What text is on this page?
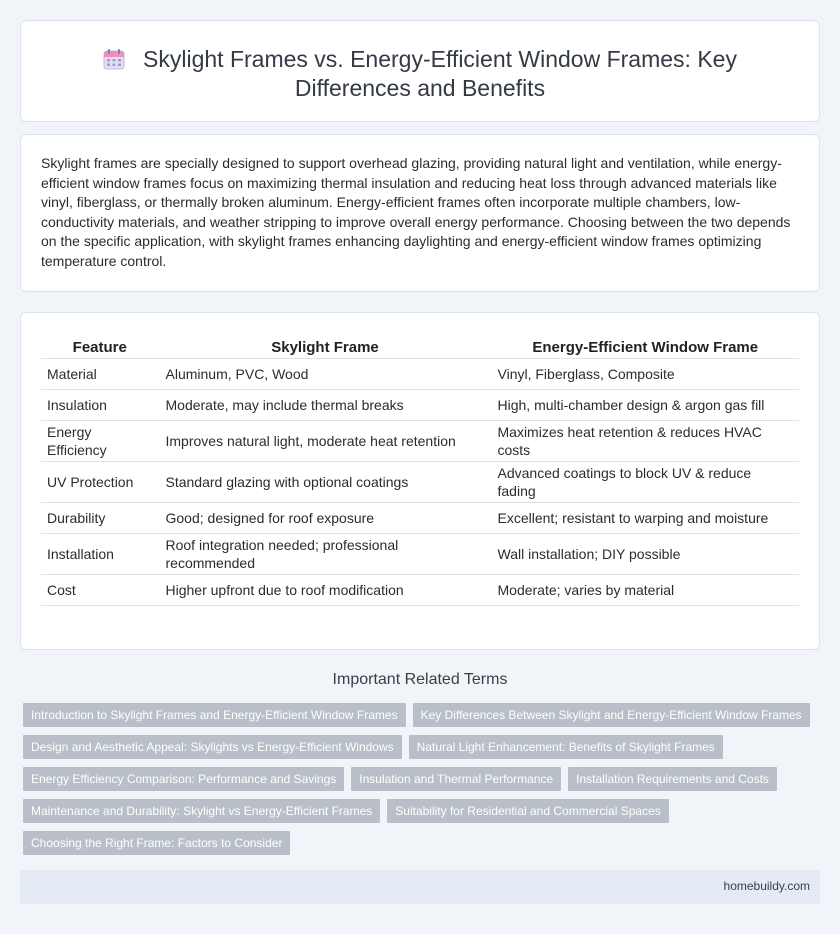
Skylight Frames vs. Energy-Efficient Window Frames: Key
Differences and Benefits

Skylight frames are specially designed to support overhead glazing, providing natural light and ventilation, while energy-efficient window frames focus on maximizing thermal insulation and reducing heat loss through advanced materials like vinyl, fiberglass, or thermally broken aluminum. Energy-efficient frames often incorporate multiple chambers, low-conductivity materials, and weather stripping to improve overall energy performance. Choosing between the two depends on the specific application, with skylight frames enhancing daylighting and energy-efficient window frames optimizing temperature control.

Feature	Skylight Frame	Energy-Efficient Window Frame
Material	Aluminum, PVC, Wood	Vinyl, Fiberglass, Composite
Insulation	Moderate, may include thermal breaks	High, multi-chamber design & argon gas fill
Energy Efficiency	Improves natural light, moderate heat retention	Maximizes heat retention & reduces HVAC costs
UV Protection	Standard glazing with optional coatings	Advanced coatings to block UV & reduce fading
Durability	Good; designed for roof exposure	Excellent; resistant to warping and moisture
Installation	Roof integration needed; professional recommended	Wall installation; DIY possible
Cost	Higher upfront due to roof modification	Moderate; varies by material
Important Related Terms
Introduction to Skylight Frames and Energy-Efficient Window Frames	Key Differences Between Skylight and Energy-Efficient Window Frames
Design and Aesthetic Appeal: Skylights vs Energy-Efficient Windows	Natural Light Enhancement: Benefits of Skylight Frames
Energy Efficiency Comparison: Performance and Savings	Insulation and Thermal Performance	Installation Requirements and Costs
Maintenance and Durability: Skylight vs Energy-Efficient Frames	Suitability for Residential and Commercial Spaces
Choosing the Right Frame: Factors to Consider
homebuildy.com
